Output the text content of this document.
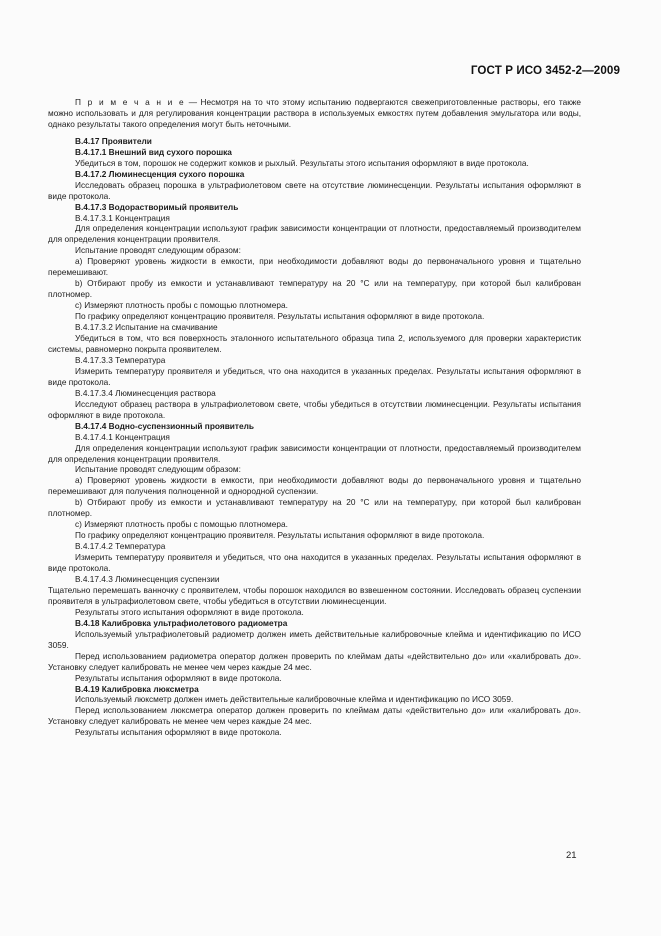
ГОСТ Р ИСО 3452-2—2009

П р и м е ч а н и е — Несмотря на то что этому испытанию подвергаются свежеприготовленные растворы, его также можно использовать и для регулирования концентрации раствора в используемых емкостях путем добавления эмульгатора или воды, однако результаты такого определения могут быть неточными.

В.4.17 Проявители

В.4.17.1 Внешний вид сухого порошка

Убедиться в том, порошок не содержит комков и рыхлый. Результаты этого испытания оформляют в виде протокола.

В.4.17.2 Люминесценция сухого порошка

Исследовать образец порошка в ультрафиолетовом свете на отсутствие люминесценции. Результаты испытания оформляют в виде протокола.

В.4.17.3 Водорастворимый проявитель

В.4.17.3.1 Концентрация

Для определения концентрации используют график зависимости концентрации от плотности, предоставляемый производителем для определения концентрации проявителя.

Испытание проводят следующим образом:

a) Проверяют уровень жидкости в емкости, при необходимости добавляют воды до первоначального уровня и тщательно перемешивают.

b) Отбирают пробу из емкости и устанавливают температуру на 20 °С или на температуру, при которой был калиброван плотномер.

c) Измеряют плотность пробы с помощью плотномера.

По графику определяют концентрацию проявителя. Результаты испытания оформляют в виде протокола.

В.4.17.3.2 Испытание на смачивание

Убедиться в том, что вся поверхность эталонного испытательного образца типа 2, используемого для проверки характеристик системы, равномерно покрыта проявителем.

В.4.17.3.3 Температура

Измерить температуру проявителя и убедиться, что она находится в указанных пределах. Результаты испытания оформляют в виде протокола.

В.4.17.3.4 Люминесценция раствора

Исследуют образец раствора в ультрафиолетовом свете, чтобы убедиться в отсутствии люминесценции. Результаты испытания оформляют в виде протокола.

В.4.17.4 Водно-суспензионный проявитель

В.4.17.4.1 Концентрация

Для определения концентрации используют график зависимости концентрации от плотности, предоставляемый производителем для определения концентрации проявителя.

Испытание проводят следующим образом:

a) Проверяют уровень жидкости в емкости, при необходимости добавляют воды до первоначального уровня и тщательно перемешивают для получения полноценной и однородной суспензии.

b) Отбирают пробу из емкости и устанавливают температуру на 20 °С или на температуру, при которой был калиброван плотномер.

c) Измеряют плотность пробы с помощью плотномера.

По графику определяют концентрацию проявителя. Результаты испытания оформляют в виде протокола.

В.4.17.4.2 Температура

Измерить температуру проявителя и убедиться, что она находится в указанных пределах. Результаты испытания оформляют в виде протокола.

В.4.17.4.3 Люминесценция суспензии

Тщательно перемешать ванночку с проявителем, чтобы порошок находился во взвешенном состоянии. Исследовать образец суспензии проявителя в ультрафиолетовом свете, чтобы убедиться в отсутствии люминесценции.

Результаты этого испытания оформляют в виде протокола.

В.4.18 Калибровка ультрафиолетового радиометра

Используемый ультрафиолетовый радиометр должен иметь действительные калибровочные клейма и идентификацию по ИСО 3059.

Перед использованием радиометра оператор должен проверить по клеймам даты «действительно до» или «калибровать до». Установку следует калибровать не менее чем через каждые 24 мес.

Результаты испытания оформляют в виде протокола.

В.4.19 Калибровка люксметра

Используемый люксметр должен иметь действительные калибровочные клейма и идентификацию по ИСО 3059.

Перед использованием люксметра оператор должен проверить по клеймам даты «действительно до» или «калибровать до». Установку следует калибровать не менее чем через каждые 24 мес.

Результаты испытания оформляют в виде протокола.

21
